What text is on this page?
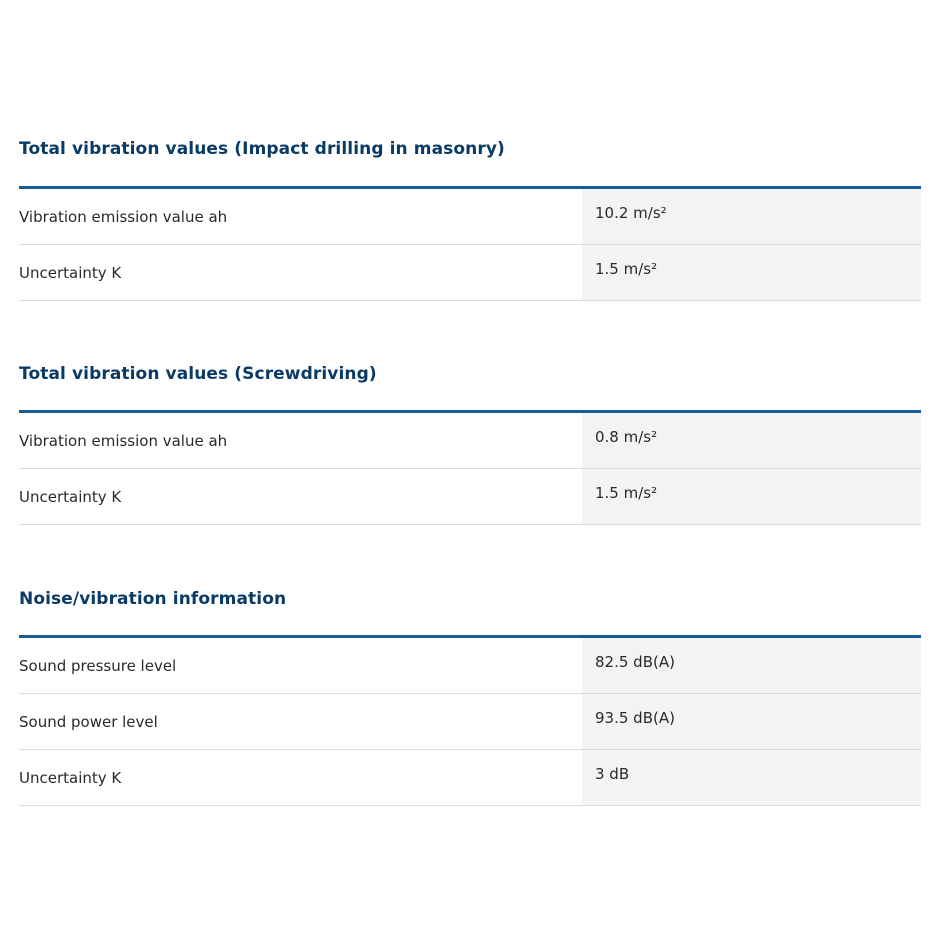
Total vibration values (Impact drilling in masonry)
Vibration emission value ah	10.2 m/s²
Uncertainty K	1.5 m/s²
Total vibration values (Screwdriving)
Vibration emission value ah	0.8 m/s²
Uncertainty K	1.5 m/s²
Noise/vibration information
Sound pressure level	82.5 dB(A)
Sound power level	93.5 dB(A)
Uncertainty K	3 dB
